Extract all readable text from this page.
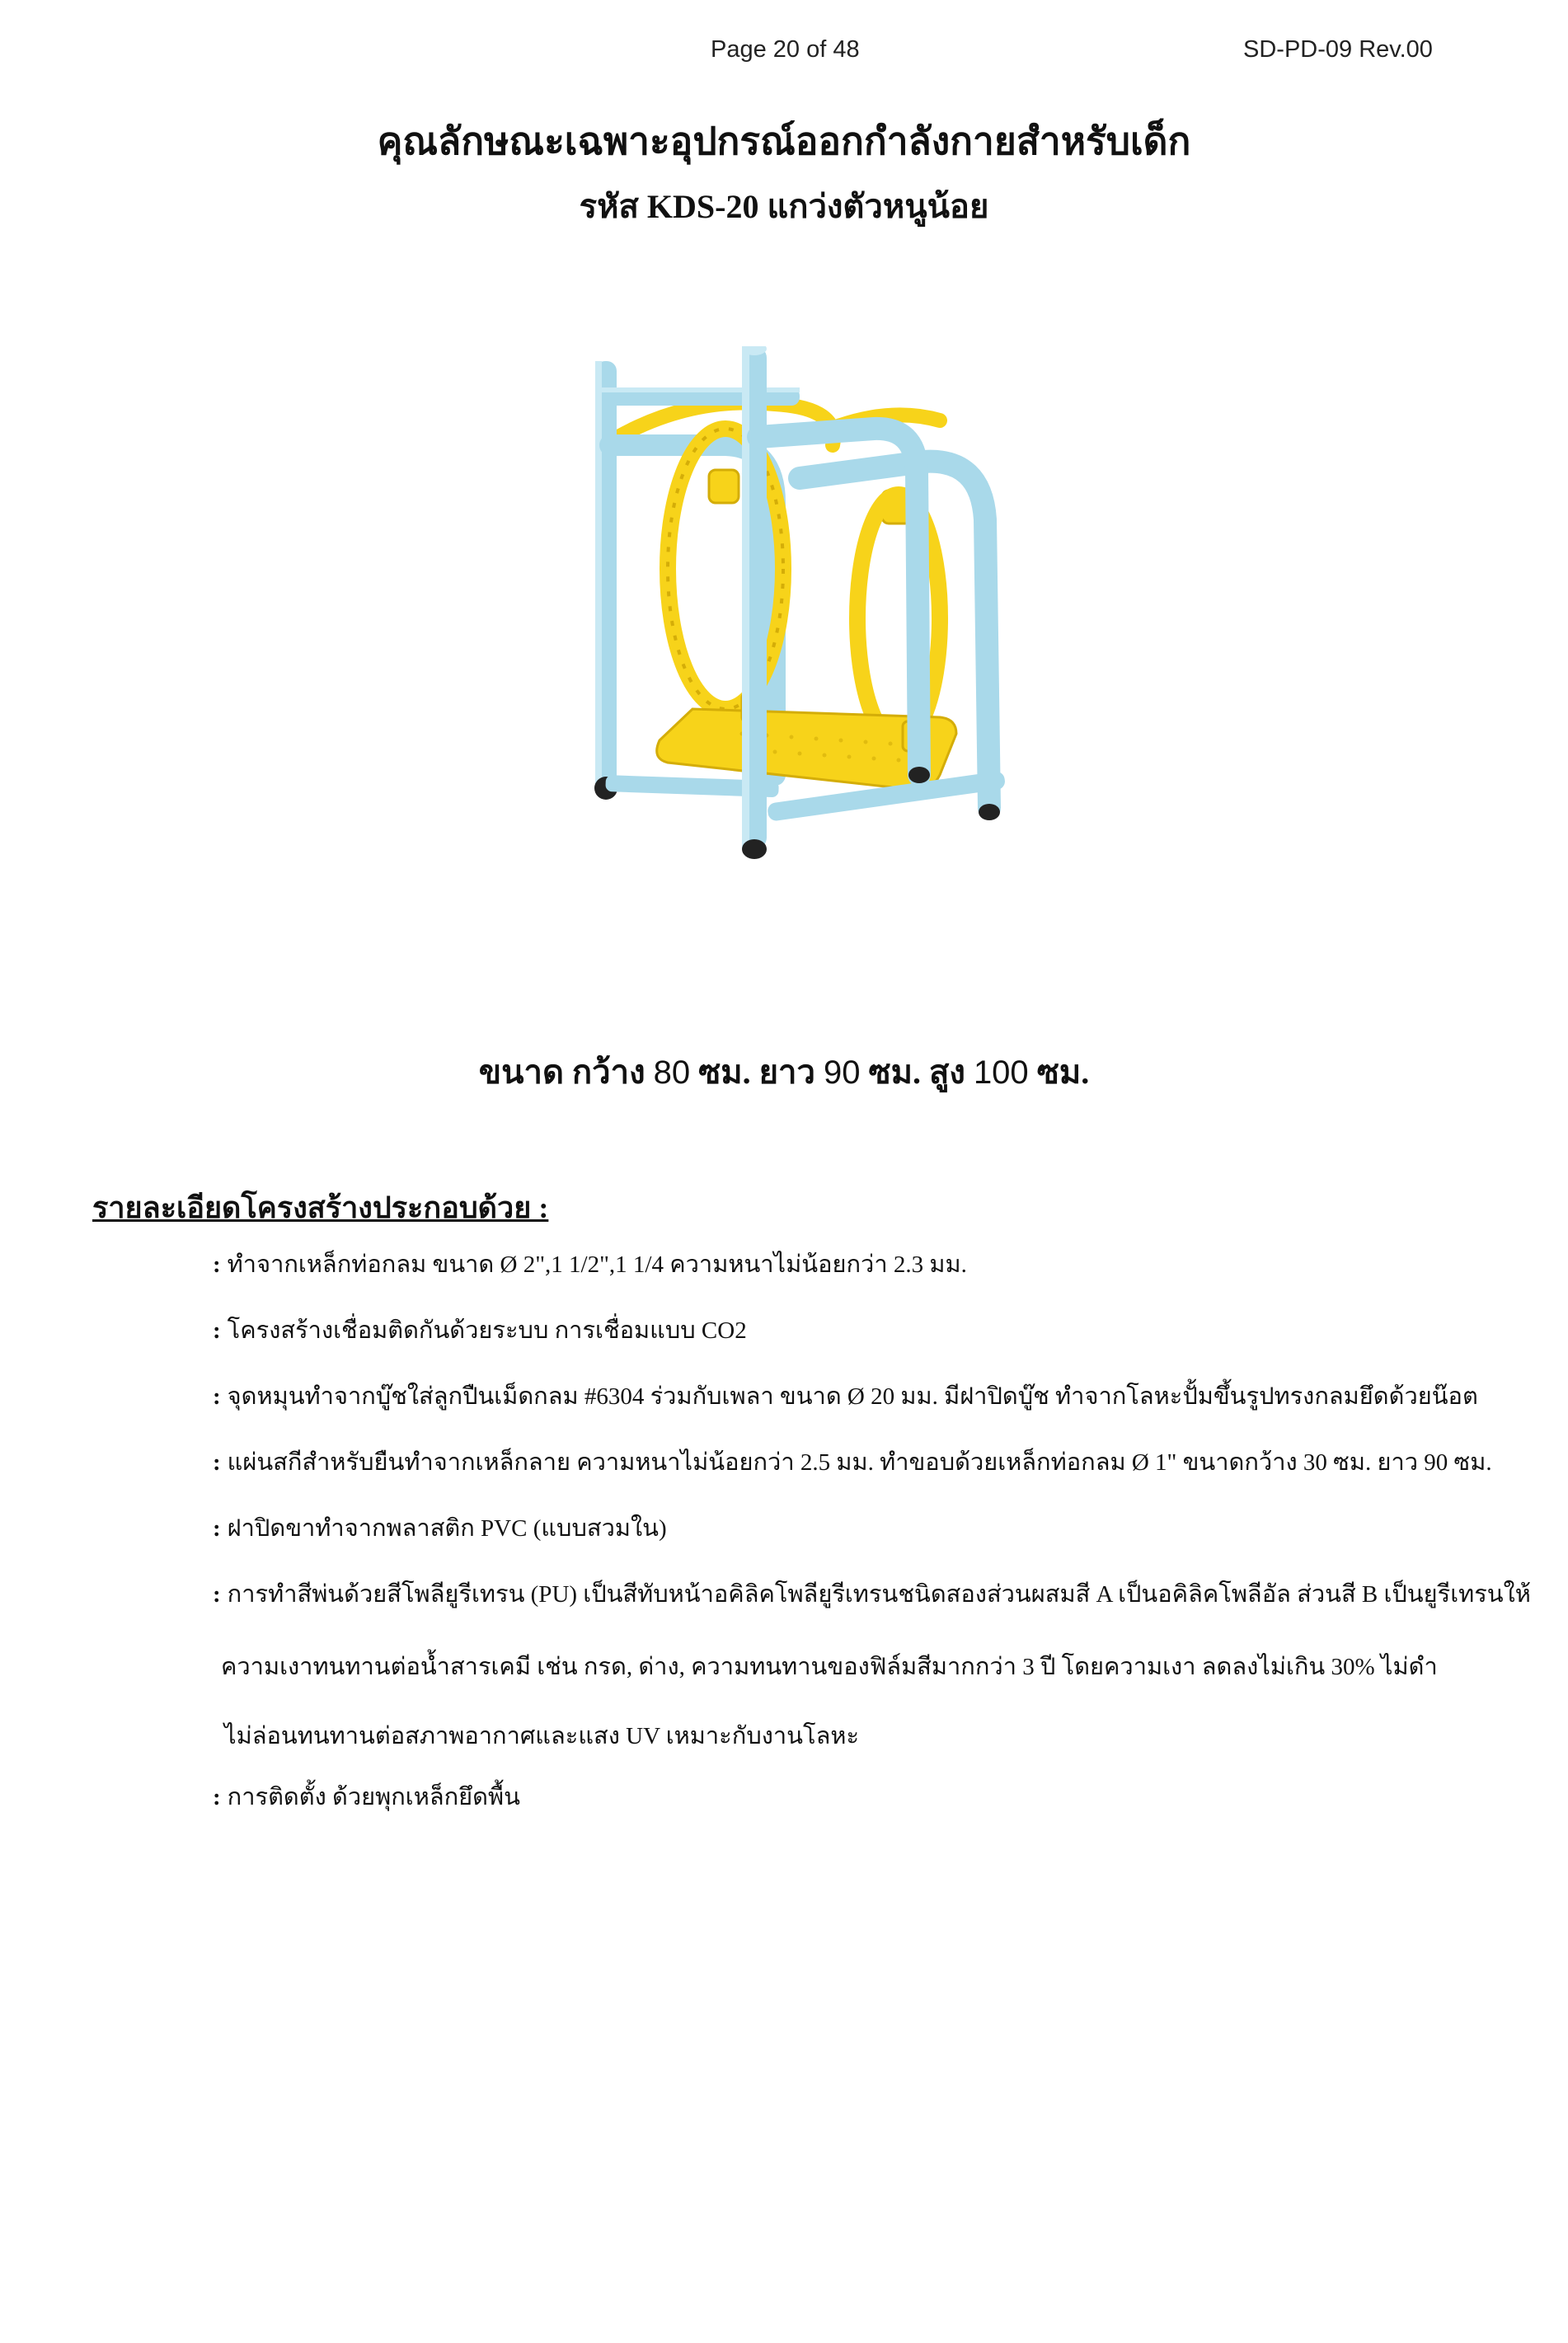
Page 20 of 48	SD-PD-09 Rev.00
คุณลักษณะเฉพาะอุปกรณ์ออกกำลังกายสำหรับเด็ก
รหัส KDS-20 แกว่งตัวหนูน้อย
ขนาด กว้าง 80 ซม. ยาว 90 ซม. สูง 100 ซม.
รายละเอียดโครงสร้างประกอบด้วย :
: ทำจากเหล็กท่อกลม ขนาด Ø 2",1 1/2",1 1/4 ความหนาไม่น้อยกว่า 2.3 มม.
: โครงสร้างเชื่อมติดกันด้วยระบบ การเชื่อมแบบ CO2
: จุดหมุนทำจากบู๊ชใส่ลูกปืนเม็ดกลม #6304 ร่วมกับเพลา ขนาด Ø 20 มม. มีฝาปิดบู๊ช ทำจากโลหะปั้มขึ้นรูปทรงกลมยึดด้วยน๊อต
: แผ่นสกีสำหรับยืนทำจากเหล็กลาย ความหนาไม่น้อยกว่า 2.5 มม. ทำขอบด้วยเหล็กท่อกลม Ø 1" ขนาดกว้าง 30 ซม. ยาว 90 ซม.
: ฝาปิดขาทำจากพลาสติก PVC (แบบสวมใน)
: การทำสีพ่นด้วยสีโพลียูรีเทรน (PU) เป็นสีทับหน้าอคิลิคโพลียูรีเทรนชนิดสองส่วนผสมสี A เป็นอคิลิคโพลีอัล ส่วนสี B เป็นยูรีเทรนให้
ความเงาทนทานต่อน้ำสารเคมี เช่น กรด, ด่าง, ความทนทานของฟิล์มสีมากกว่า 3 ปี โดยความเงา ลดลงไม่เกิน 30% ไม่ดำ
ไม่ล่อนทนทานต่อสภาพอากาศและแสง UV เหมาะกับงานโลหะ
: การติดตั้ง ด้วยพุกเหล็กยึดพื้น
